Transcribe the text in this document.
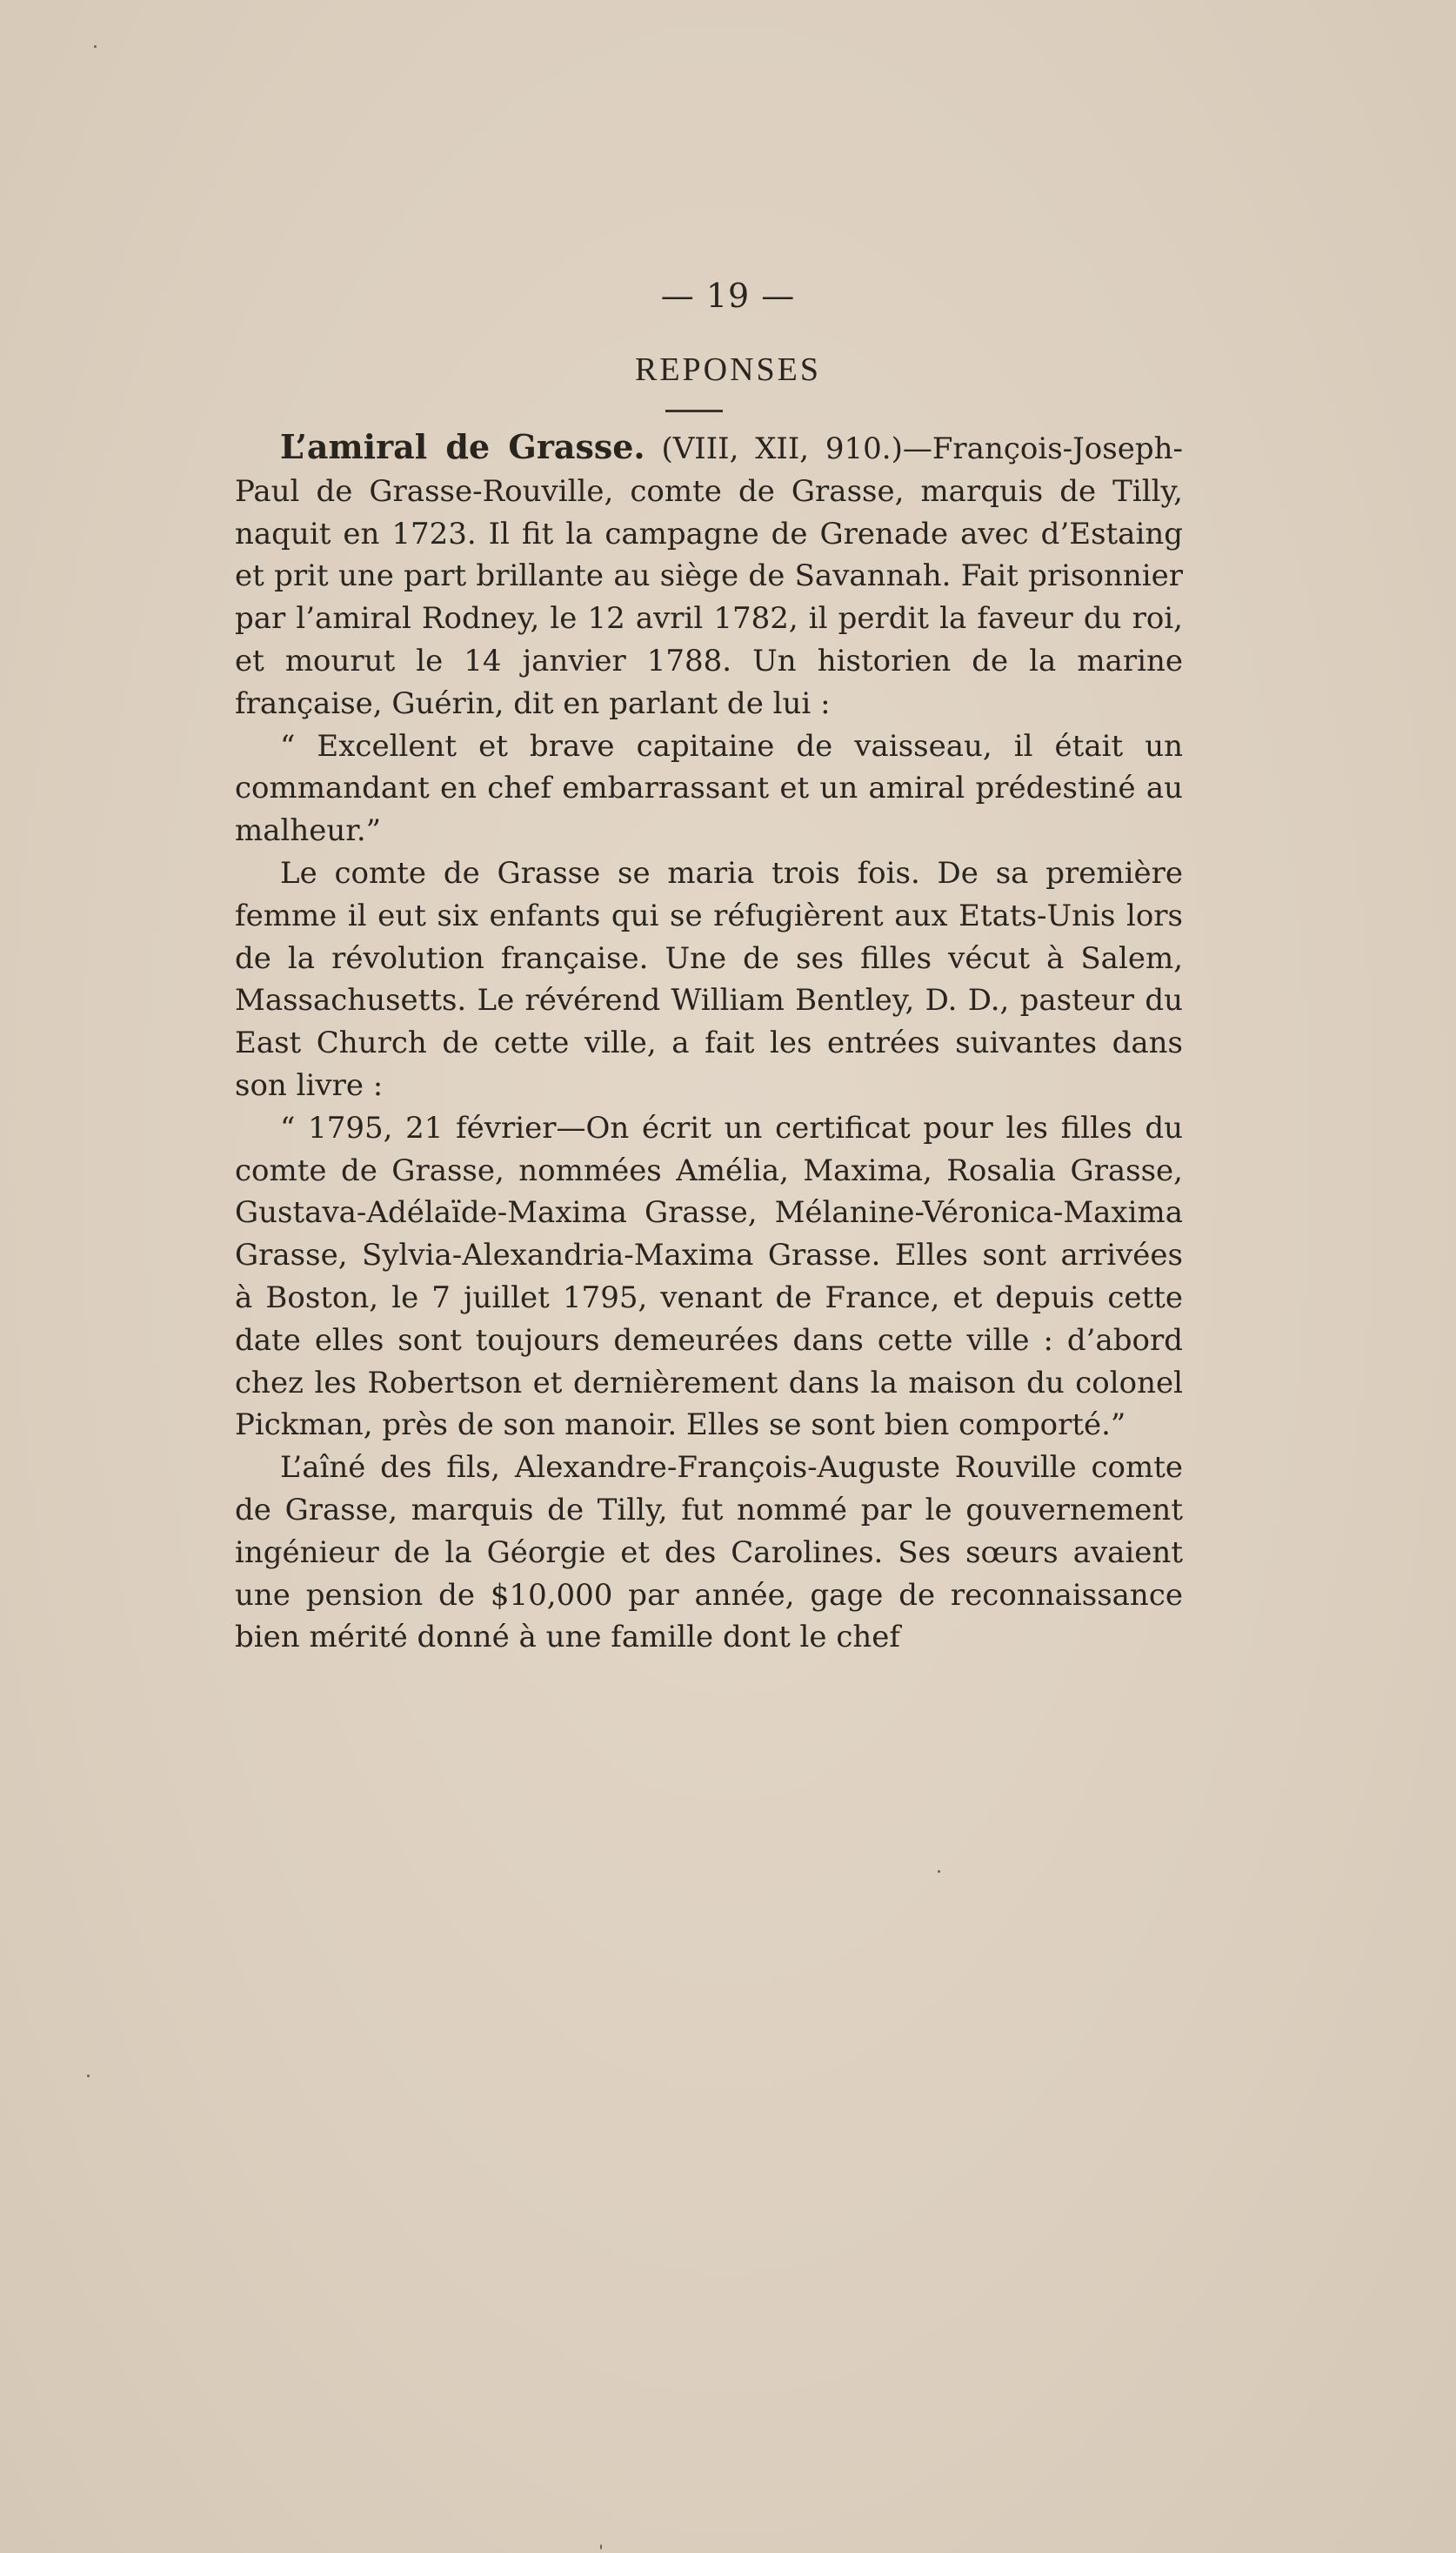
— 19 —
REPONSES

L’amiral de Grasse. (VIII, XII, 910.)—François-Joseph-Paul de Grasse-Rouville, comte de Grasse, marquis de Tilly, naquit en 1723. Il fit la campagne de Grenade avec d’Estaing et prit une part brillante au siège de Savannah. Fait prisonnier par l’amiral Rodney, le 12 avril 1782, il perdit la faveur du roi, et mourut le 14 janvier 1788. Un historien de la marine française, Guérin, dit en parlant de lui :

“ Excellent et brave capitaine de vaisseau, il était un commandant en chef embarrassant et un amiral prédestiné au malheur.”

Le comte de Grasse se maria trois fois. De sa première femme il eut six enfants qui se réfugièrent aux Etats-Unis lors de la révolution française. Une de ses filles vécut à Salem, Massachusetts. Le révérend William Bentley, D. D., pasteur du East Church de cette ville, a fait les entrées suivantes dans son livre :

“ 1795, 21 février—On écrit un certificat pour les filles du comte de Grasse, nommées Amélia, Maxima, Rosalia Grasse, Gustava-Adélaïde-Maxima Grasse, Mélanine-Véronica-Maxima Grasse, Sylvia-Alexandria-Maxima Grasse. Elles sont arrivées à Boston, le 7 juillet 1795, venant de France, et depuis cette date elles sont toujours demeurées dans cette ville : d’abord chez les Robertson et dernièrement dans la maison du colonel Pickman, près de son manoir. Elles se sont bien comporté.”

L’aîné des fils, Alexandre-François-Auguste Rouville comte de Grasse, marquis de Tilly, fut nommé par le gouvernement ingénieur de la Géorgie et des Carolines. Ses sœurs avaient une pension de $10,000 par année, gage de reconnaissance bien mérité donné à une famille dont le chef
